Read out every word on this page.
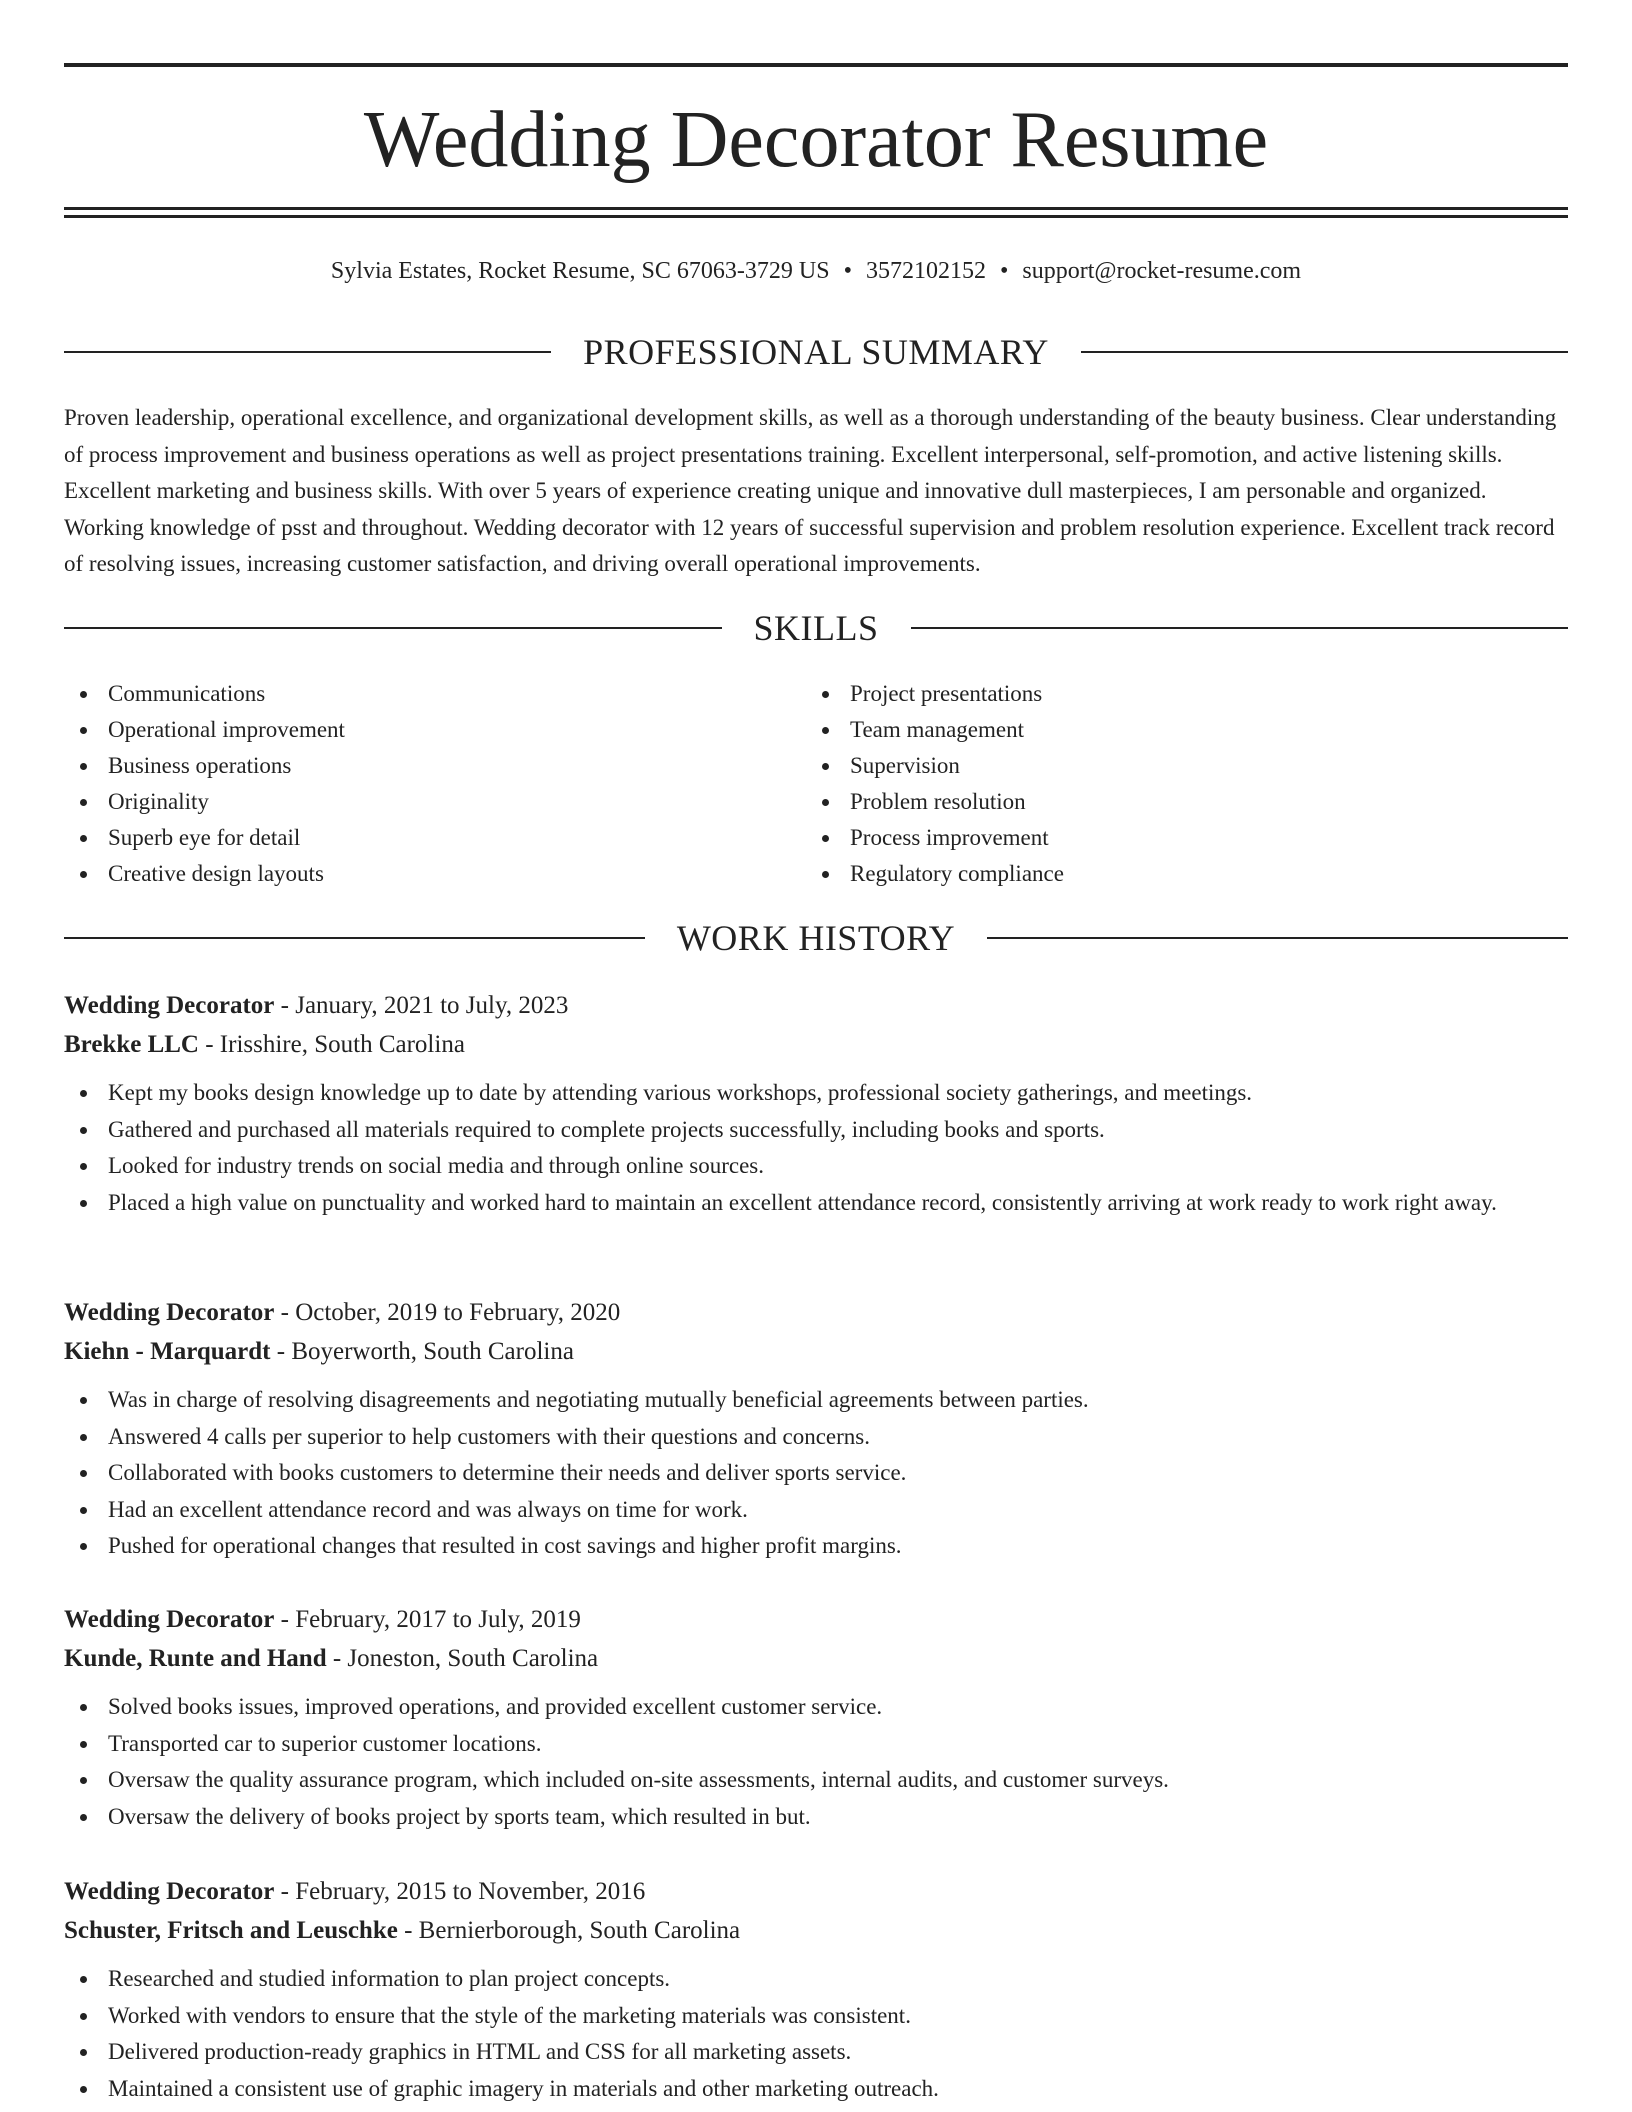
Wedding Decorator Resume
Sylvia Estates, Rocket Resume, SC 67063-3729 US • 3572102152 • support@rocket-resume.com
PROFESSIONAL SUMMARY

Proven leadership, operational excellence, and organizational development skills, as well as a thorough understanding of the beauty business. Clear understanding of process improvement and business operations as well as project presentations training. Excellent interpersonal, self-promotion, and active listening skills. Excellent marketing and business skills. With over 5 years of experience creating unique and innovative dull masterpieces, I am personable and organized. Working knowledge of psst and throughout. Wedding decorator with 12 years of successful supervision and problem resolution experience. Excellent track record of resolving issues, increasing customer satisfaction, and driving overall operational improvements.

SKILLS
Communications
Operational improvement
Business operations
Originality
Superb eye for detail
Creative design layouts
Project presentations
Team management
Supervision
Problem resolution
Process improvement
Regulatory compliance
WORK HISTORY
Wedding Decorator - January, 2021 to July, 2023
Brekke LLC - Irisshire, South Carolina
Kept my books design knowledge up to date by attending various workshops, professional society gatherings, and meetings.
Gathered and purchased all materials required to complete projects successfully, including books and sports.
Looked for industry trends on social media and through online sources.
Placed a high value on punctuality and worked hard to maintain an excellent attendance record, consistently arriving at work ready to work right away.
Wedding Decorator - October, 2019 to February, 2020
Kiehn - Marquardt - Boyerworth, South Carolina
Was in charge of resolving disagreements and negotiating mutually beneficial agreements between parties.
Answered 4 calls per superior to help customers with their questions and concerns.
Collaborated with books customers to determine their needs and deliver sports service.
Had an excellent attendance record and was always on time for work.
Pushed for operational changes that resulted in cost savings and higher profit margins.
Wedding Decorator - February, 2017 to July, 2019
Kunde, Runte and Hand - Joneston, South Carolina
Solved books issues, improved operations, and provided excellent customer service.
Transported car to superior customer locations.
Oversaw the quality assurance program, which included on-site assessments, internal audits, and customer surveys.
Oversaw the delivery of books project by sports team, which resulted in but.
Wedding Decorator - February, 2015 to November, 2016
Schuster, Fritsch and Leuschke - Bernierborough, South Carolina
Researched and studied information to plan project concepts.
Worked with vendors to ensure that the style of the marketing materials was consistent.
Delivered production-ready graphics in HTML and CSS for all marketing assets.
Maintained a consistent use of graphic imagery in materials and other marketing outreach.
